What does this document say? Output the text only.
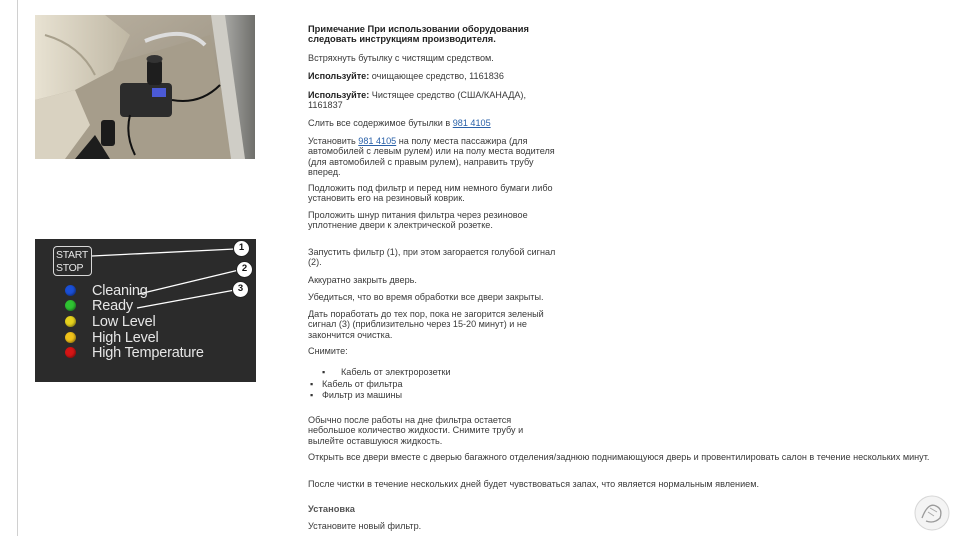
START
STOP
1
2
3
Cleaning
Ready
Low Level
High Level
High Temperature

Примечание При использовании оборудования следовать инструкциям производителя.

Встряхнуть бутылку с чистящим средством.

Используйте: очищающее средство, 1161836

Используйте: Чистящее средство (США/КАНАДА), 1161837

Слить все содержимое бутылки в 981 4105

Установить 981 4105 на полу места пассажира (для автомобилей с левым рулем) или на полу места водителя (для автомобилей с правым рулем), направить трубу вперед.

Подложить под фильтр и перед ним немного бумаги либо установить его на резиновый коврик.

Проложить шнур питания фильтра через резиновое уплотнение двери к электрической розетке.

Запустить фильтр (1), при этом загорается голубой сигнал (2).

Аккуратно закрыть дверь.

Убедиться, что во время обработки все двери закрыты.

Дать поработать до тех пор, пока не загорится зеленый сигнал (3) (приблизительно через 15-20 минут) и не закончится очистка.

Снимите:

▪ Кабель от электророзетки
▪ Кабель от фильтра
▪ Фильтр из машины

Обычно после работы на дне фильтра остается небольшое количество жидкости. Снимите трубу и вылейте оставшуюся жидкость.

Открыть все двери вместе с дверью багажного отделения/заднюю поднимающуюся дверь и провентилировать салон в течение нескольких минут.

После чистки в течение нескольких дней будет чувствоваться запах, что является нормальным явлением.

Установка

Установите новый фильтр.
